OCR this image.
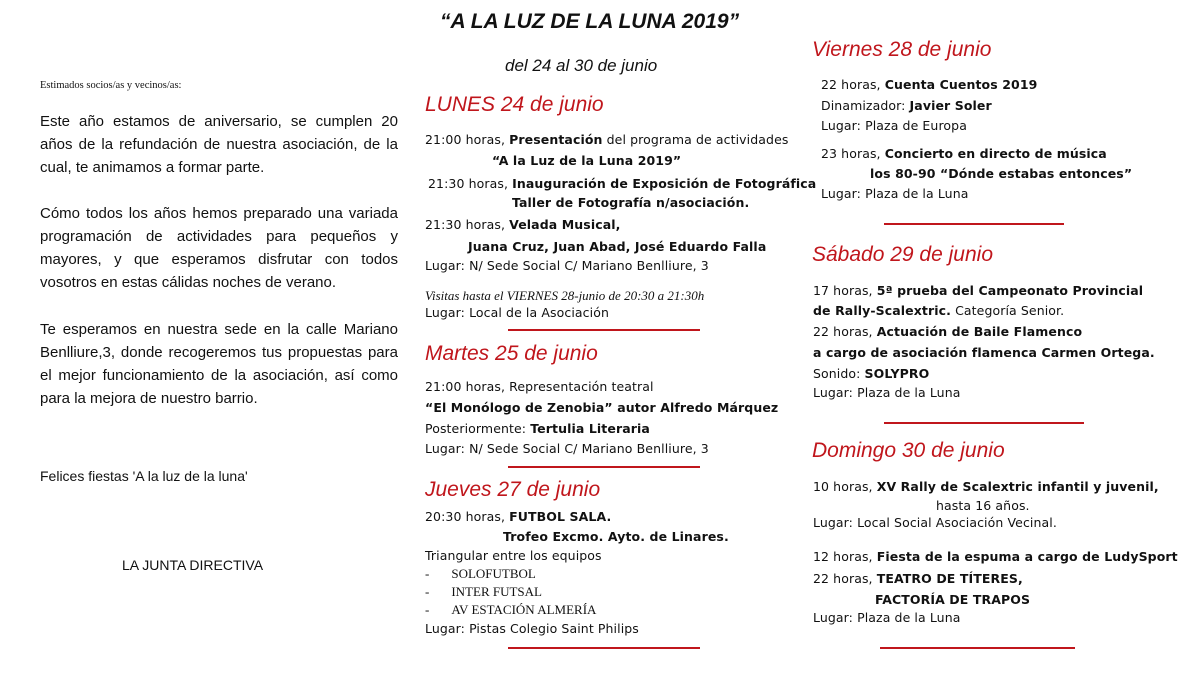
“A LA LUZ DE LA LUNA 2019”
del 24 al 30 de junio
Estimados socios/as y vecinos/as:
Este año estamos de aniversario, se cumplen 20 años de la refundación de nuestra asociación, de la cual, te animamos a formar parte.
Cómo todos los años hemos preparado una variada programación de actividades para pequeños y mayores, y que esperamos disfrutar con todos vosotros en estas cálidas noches de verano.
Te esperamos en nuestra sede en la calle Mariano Benlliure,3, donde recogeremos tus propuestas para el mejor funcionamiento de la asociación, así como para la mejora de nuestro barrio.
Felices fiestas 'A la luz de la luna'
LA JUNTA DIRECTIVA
LUNES 24 de junio
21:00 horas, Presentación del programa de actividades
“A la Luz de la Luna 2019”
21:30 horas, Inauguración de Exposición de Fotográfica
Taller de Fotografía n/asociación.
21:30 horas, Velada Musical,
Juana Cruz, Juan Abad, José Eduardo Falla
Lugar: N/ Sede Social C/ Mariano Benlliure, 3
Visitas hasta el VIERNES 28-junio de 20:30 a 21:30h
Lugar: Local de la Asociación
Martes 25 de junio
21:00 horas, Representación teatral
“El Monólogo de Zenobia” autor Alfredo Márquez
Posteriormente: Tertulia Literaria
Lugar: N/ Sede Social C/ Mariano Benlliure, 3
Jueves 27 de junio
20:30 horas, FUTBOL SALA.
Trofeo Excmo. Ayto. de Linares.
Triangular entre los equipos
- SOLOFUTBOL
- INTER FUTSAL
- AV ESTACIÓN ALMERÍA
Lugar: Pistas Colegio Saint Philips
Viernes 28 de junio
22 horas, Cuenta Cuentos 2019
Dinamizador: Javier Soler
Lugar: Plaza de Europa
23 horas, Concierto en directo de música
los 80-90 “Dónde estabas entonces”
Lugar: Plaza de la Luna
Sábado 29 de junio
17 horas, 5ª prueba del Campeonato Provincial
de Rally-Scalextric. Categoría Senior.
22 horas, Actuación de Baile Flamenco
a cargo de asociación flamenca Carmen Ortega.
Sonido: SOLYPRO
Lugar: Plaza de la Luna
Domingo 30 de junio
10 horas, XV Rally de Scalextric infantil y juvenil,
hasta 16 años.
Lugar: Local Social Asociación Vecinal.
12 horas, Fiesta de la espuma a cargo de LudySport
22 horas, TEATRO DE TÍTERES,
FACTORÍA DE TRAPOS
Lugar: Plaza de la Luna
